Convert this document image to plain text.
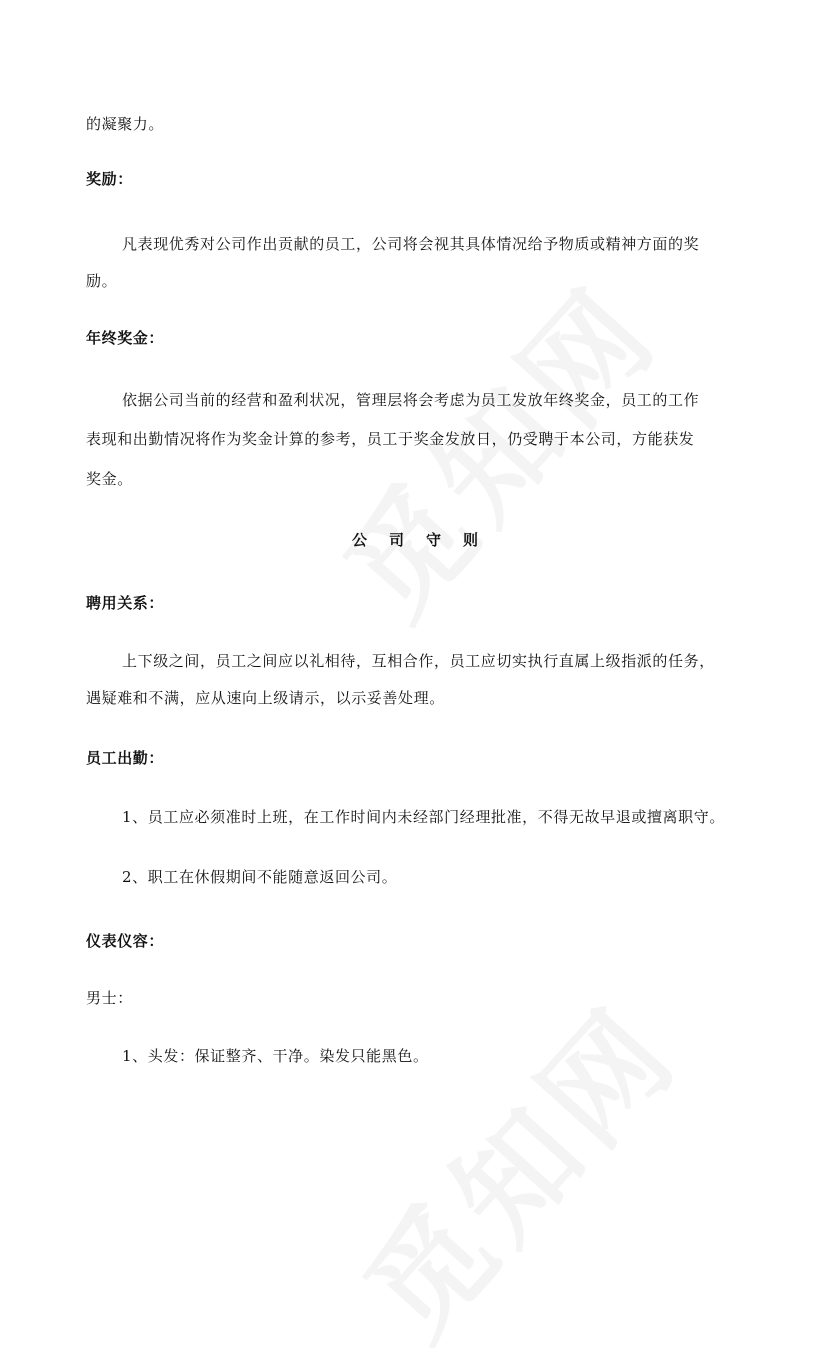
的凝聚力。
奖励：
凡表现优秀对公司作出贡献的员工，公司将会视其具体情况给予物质或精神方面的奖
励。
年终奖金：
依据公司当前的经营和盈利状况，管理层将会考虑为员工发放年终奖金，员工的工作
表现和出勤情况将作为奖金计算的参考，员工于奖金发放日，仍受聘于本公司，方能获发
奖金。
公司守则
聘用关系：
上下级之间，员工之间应以礼相待，互相合作，员工应切实执行直属上级指派的任务，
遇疑难和不满，应从速向上级请示，以示妥善处理。
员工出勤：
1、员工应必须准时上班，在工作时间内未经部门经理批准，不得无故早退或擅离职守。
2、职工在休假期间不能随意返回公司。
仪表仪容：
男士：
1、头发：保证整齐、干净。染发只能黑色。
